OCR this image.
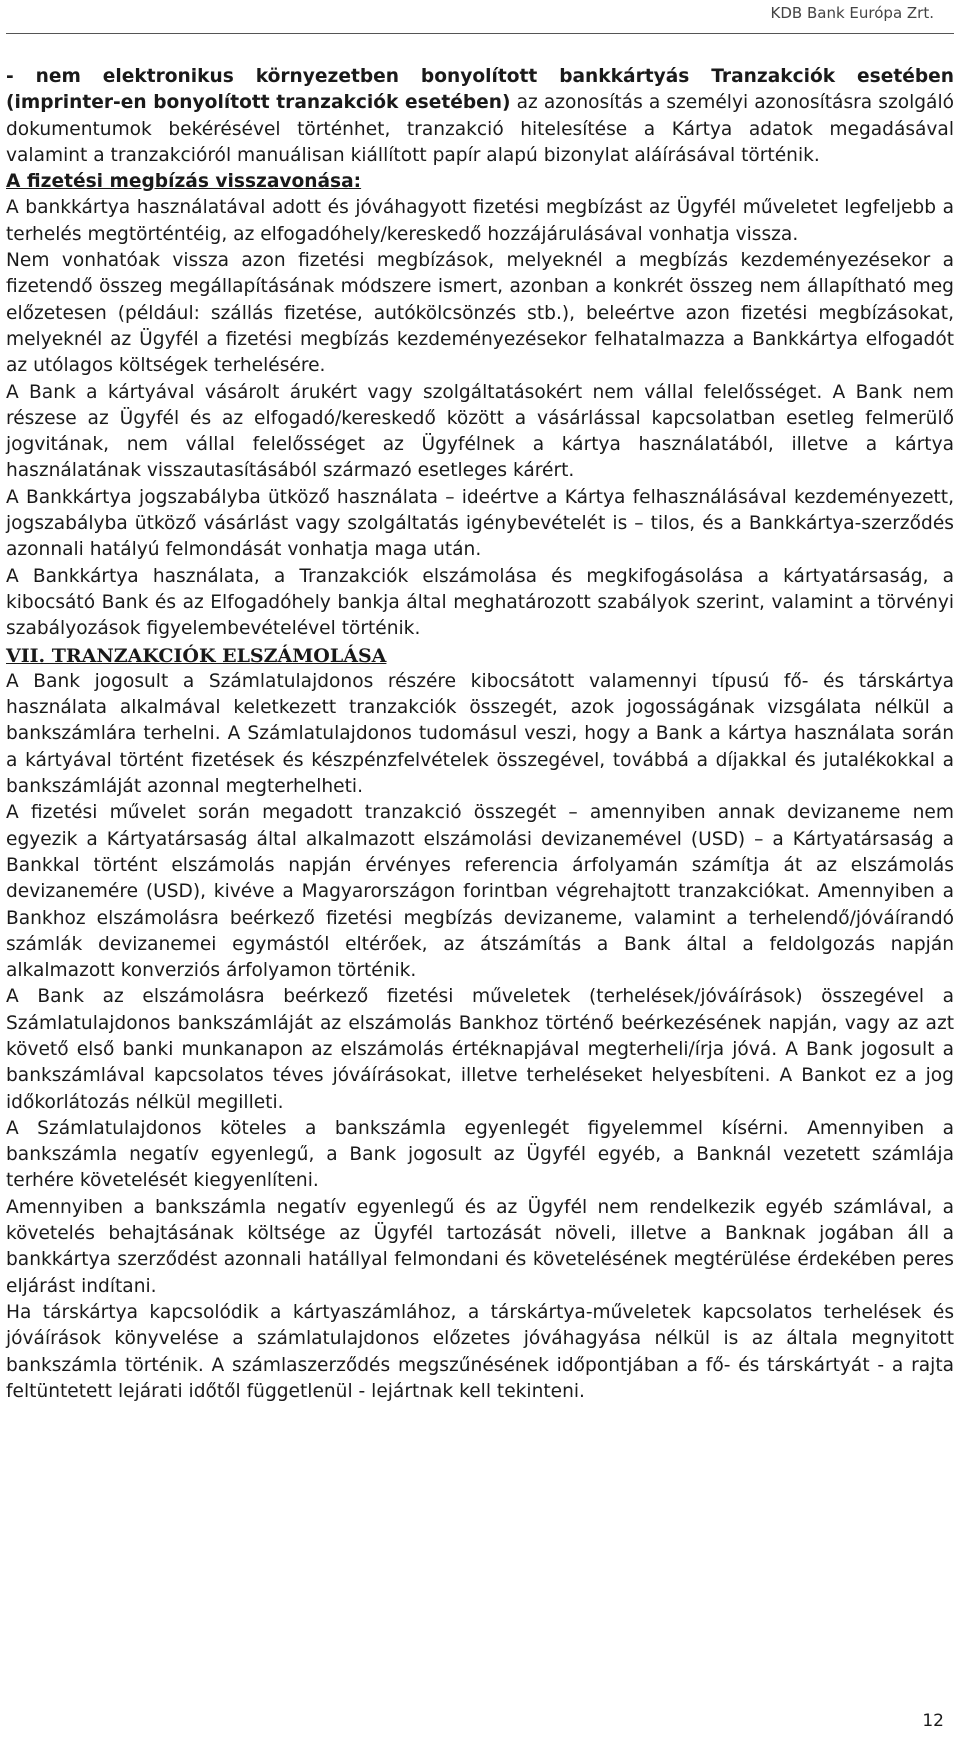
KDB Bank Európa Zrt.

- nem elektronikus környezetben bonyolított bankkártyás Tranzakciók esetében (imprinter-en bonyolított tranzakciók esetében) az azonosítás a személyi azonosításra szolgáló dokumentumok bekérésével történhet, tranzakció hitelesítése a Kártya adatok megadásával valamint a tranzakcióról manuálisan kiállított papír alapú bizonylat aláírásával történik.

A fizetési megbízás visszavonása:

A bankkártya használatával adott és jóváhagyott fizetési megbízást az Ügyfél műveletet legfeljebb a terhelés megtörténtéig, az elfogadóhely/kereskedő hozzájárulásával vonhatja vissza.

Nem vonhatóak vissza azon fizetési megbízások, melyeknél a megbízás kezdeményezésekor a fizetendő összeg megállapításának módszere ismert, azonban a konkrét összeg nem állapítható meg előzetesen (például: szállás fizetése, autókölcsönzés stb.), beleértve azon fizetési megbízásokat, melyeknél az Ügyfél a fizetési megbízás kezdeményezésekor felhatalmazza a Bankkártya elfogadót az utólagos költségek terhelésére.

A Bank a kártyával vásárolt árukért vagy szolgáltatásokért nem vállal felelősséget. A Bank nem részese az Ügyfél és az elfogadó/kereskedő között a vásárlással kapcsolatban esetleg felmerülő jogvitának, nem vállal felelősséget az Ügyfélnek a kártya használatából, illetve a kártya használatának visszautasításából származó esetleges kárért.

A Bankkártya jogszabályba ütköző használata – ideértve a Kártya felhasználásával kezdeményezett, jogszabályba ütköző vásárlást vagy szolgáltatás igénybevételét is – tilos, és a Bankkártya-szerződés azonnali hatályú felmondását vonhatja maga után.

A Bankkártya használata, a Tranzakciók elszámolása és megkifogásolása a kártyatársaság, a kibocsátó Bank és az Elfogadóhely bankja által meghatározott szabályok szerint, valamint a törvényi szabályozások figyelembevételével történik.

VII. TRANZAKCIÓK ELSZÁMOLÁSA

A Bank jogosult a Számlatulajdonos részére kibocsátott valamennyi típusú fő- és társkártya használata alkalmával keletkezett tranzakciók összegét, azok jogosságának vizsgálata nélkül a bankszámlára terhelni. A Számlatulajdonos tudomásul veszi, hogy a Bank a kártya használata során a kártyával történt fizetések és készpénzfelvételek összegével, továbbá a díjakkal és jutalékokkal a bankszámláját azonnal megterhelheti.

A fizetési művelet során megadott tranzakció összegét – amennyiben annak devizaneme nem egyezik a Kártyatársaság által alkalmazott elszámolási devizanemével (USD) – a Kártyatársaság a Bankkal történt elszámolás napján érvényes referencia árfolyamán számítja át az elszámolás devizanemére (USD), kivéve a Magyarországon forintban végrehajtott tranzakciókat. Amennyiben a Bankhoz elszámolásra beérkező fizetési megbízás devizaneme, valamint a terhelendő/jóváírandó számlák devizanemei egymástól eltérőek, az átszámítás a Bank által a feldolgozás napján alkalmazott konverziós árfolyamon történik.

A Bank az elszámolásra beérkező fizetési műveletek (terhelések/jóváírások) összegével a Számlatulajdonos bankszámláját az elszámolás Bankhoz történő beérkezésének napján, vagy az azt követő első banki munkanapon az elszámolás értéknapjával megterheli/írja jóvá. A Bank jogosult a bankszámlával kapcsolatos téves jóváírásokat, illetve terheléseket helyesbíteni. A Bankot ez a jog időkorlátozás nélkül megilleti.

A Számlatulajdonos köteles a bankszámla egyenlegét figyelemmel kísérni. Amennyiben a bankszámla negatív egyenlegű, a Bank jogosult az Ügyfél egyéb, a Banknál vezetett számlája terhére követelését kiegyenlíteni.

Amennyiben a bankszámla negatív egyenlegű és az Ügyfél nem rendelkezik egyéb számlával, a követelés behajtásának költsége az Ügyfél tartozását növeli, illetve a Banknak jogában áll a bankkártya szerződést azonnali hatállyal felmondani és követelésének megtérülése érdekében peres eljárást indítani.

Ha társkártya kapcsolódik a kártyaszámlához, a társkártya-műveletek kapcsolatos terhelések és jóváírások könyvelése a számlatulajdonos előzetes jóváhagyása nélkül is az általa megnyitott bankszámla történik. A számlaszerződés megszűnésének időpontjában a fő- és társkártyát - a rajta feltüntetett lejárati időtől függetlenül - lejártnak kell tekinteni.

12
